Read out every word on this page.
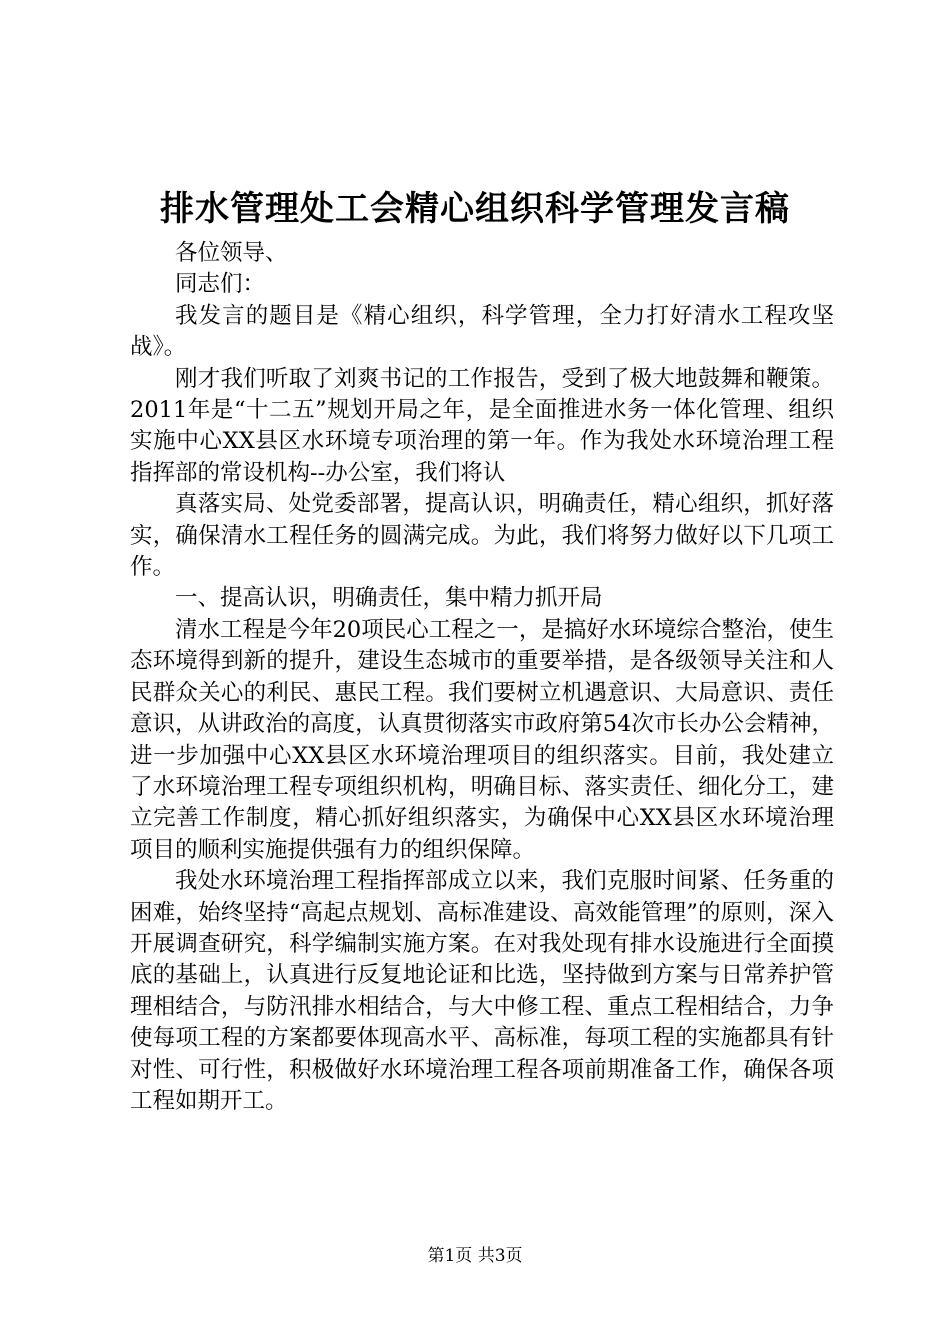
排水管理处工会精心组织科学管理发言稿

各位领导、

同志们：

我发言的题目是《精心组织，科学管理，全力打好清水工程攻坚战》。

刚才我们听取了刘爽书记的工作报告，受到了极大地鼓舞和鞭策。2011年是“十二五”规划开局之年，是全面推进水务一体化管理、组织实施中心XX县区水环境专项治理的第一年。作为我处水环境治理工程指挥部的常设机构--办公室，我们将认

真落实局、处党委部署，提高认识，明确责任，精心组织，抓好落实，确保清水工程任务的圆满完成。为此，我们将努力做好以下几项工作。

一、提高认识，明确责任，集中精力抓开局

清水工程是今年20项民心工程之一，是搞好水环境综合整治，使生态环境得到新的提升，建设生态城市的重要举措，是各级领导关注和人民群众关心的利民、惠民工程。我们要树立机遇意识、大局意识、责任意识，从讲政治的高度，认真贯彻落实市政府第54次市长办公会精神，进一步加强中心XX县区水环境治理项目的组织落实。目前，我处建立了水环境治理工程专项组织机构，明确目标、落实责任、细化分工，建立完善工作制度，精心抓好组织落实，为确保中心XX县区水环境治理项目的顺利实施提供强有力的组织保障。

我处水环境治理工程指挥部成立以来，我们克服时间紧、任务重的困难，始终坚持“高起点规划、高标准建设、高效能管理”的原则，深入开展调查研究，科学编制实施方案。在对我处现有排水设施进行全面摸底的基础上，认真进行反复地论证和比选，坚持做到方案与日常养护管理相结合，与防汛排水相结合，与大中修工程、重点工程相结合，力争使每项工程的方案都要体现高水平、高标准，每项工程的实施都具有针对性、可行性，积极做好水环境治理工程各项前期准备工作，确保各项工程如期开工。

第1页 共3页
